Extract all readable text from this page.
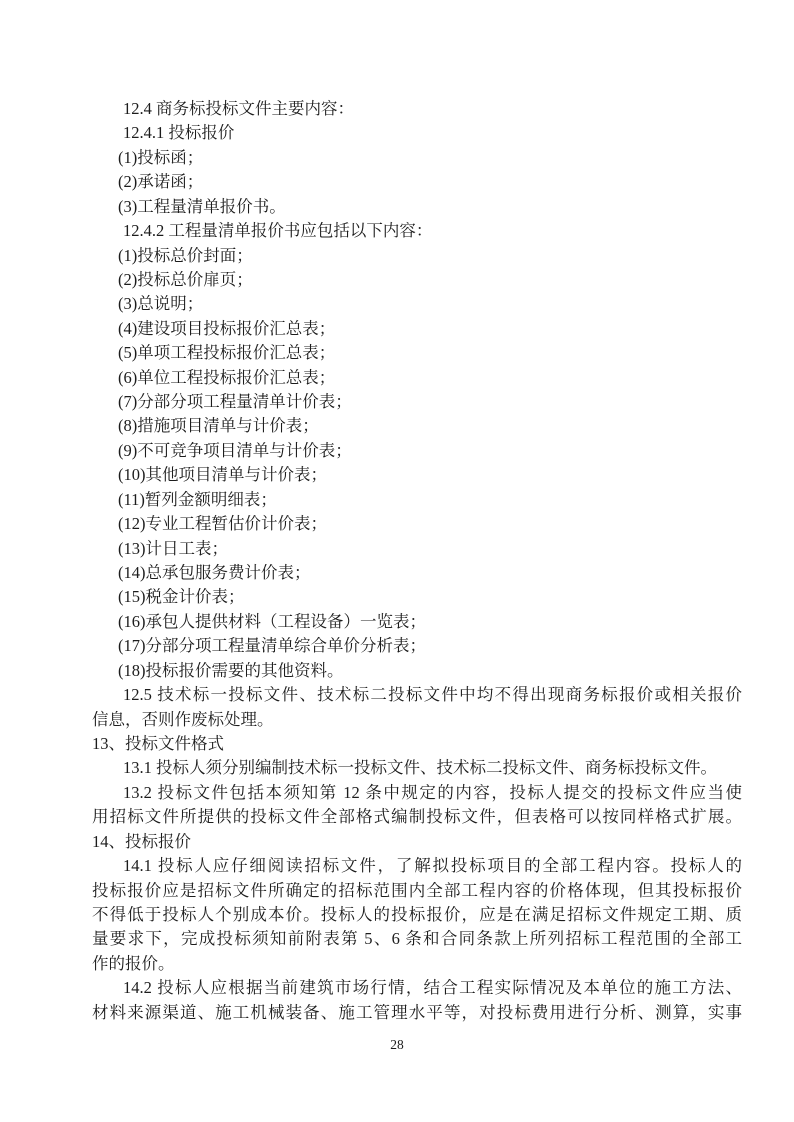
12.4 商务标投标文件主要内容：
12.4.1 投标报价
(1)投标函；
(2)承诺函；
(3)工程量清单报价书。
12.4.2 工程量清单报价书应包括以下内容：
(1)投标总价封面；
(2)投标总价扉页；
(3)总说明；
(4)建设项目投标报价汇总表；
(5)单项工程投标报价汇总表；
(6)单位工程投标报价汇总表；
(7)分部分项工程量清单计价表；
(8)措施项目清单与计价表；
(9)不可竞争项目清单与计价表；
(10)其他项目清单与计价表；
(11)暂列金额明细表；
(12)专业工程暂估价计价表；
(13)计日工表；
(14)总承包服务费计价表；
(15)税金计价表；
(16)承包人提供材料（工程设备）一览表；
(17)分部分项工程量清单综合单价分析表；
(18)投标报价需要的其他资料。
12.5 技术标一投标文件、技术标二投标文件中均不得出现商务标报价或相关报价
信息，否则作废标处理。
13、投标文件格式
13.1 投标人须分别编制技术标一投标文件、技术标二投标文件、商务标投标文件。
13.2 投标文件包括本须知第 12 条中规定的内容，投标人提交的投标文件应当使
用招标文件所提供的投标文件全部格式编制投标文件，但表格可以按同样格式扩展。
14、投标报价
14.1 投标人应仔细阅读招标文件，了解拟投标项目的全部工程内容。投标人的
投标报价应是招标文件所确定的招标范围内全部工程内容的价格体现，但其投标报价
不得低于投标人个别成本价。投标人的投标报价，应是在满足招标文件规定工期、质
量要求下，完成投标须知前附表第 5、6 条和合同条款上所列招标工程范围的全部工
作的报价。
14.2 投标人应根据当前建筑市场行情，结合工程实际情况及本单位的施工方法、
材料来源渠道、施工机械装备、施工管理水平等，对投标费用进行分析、测算，实事
28
